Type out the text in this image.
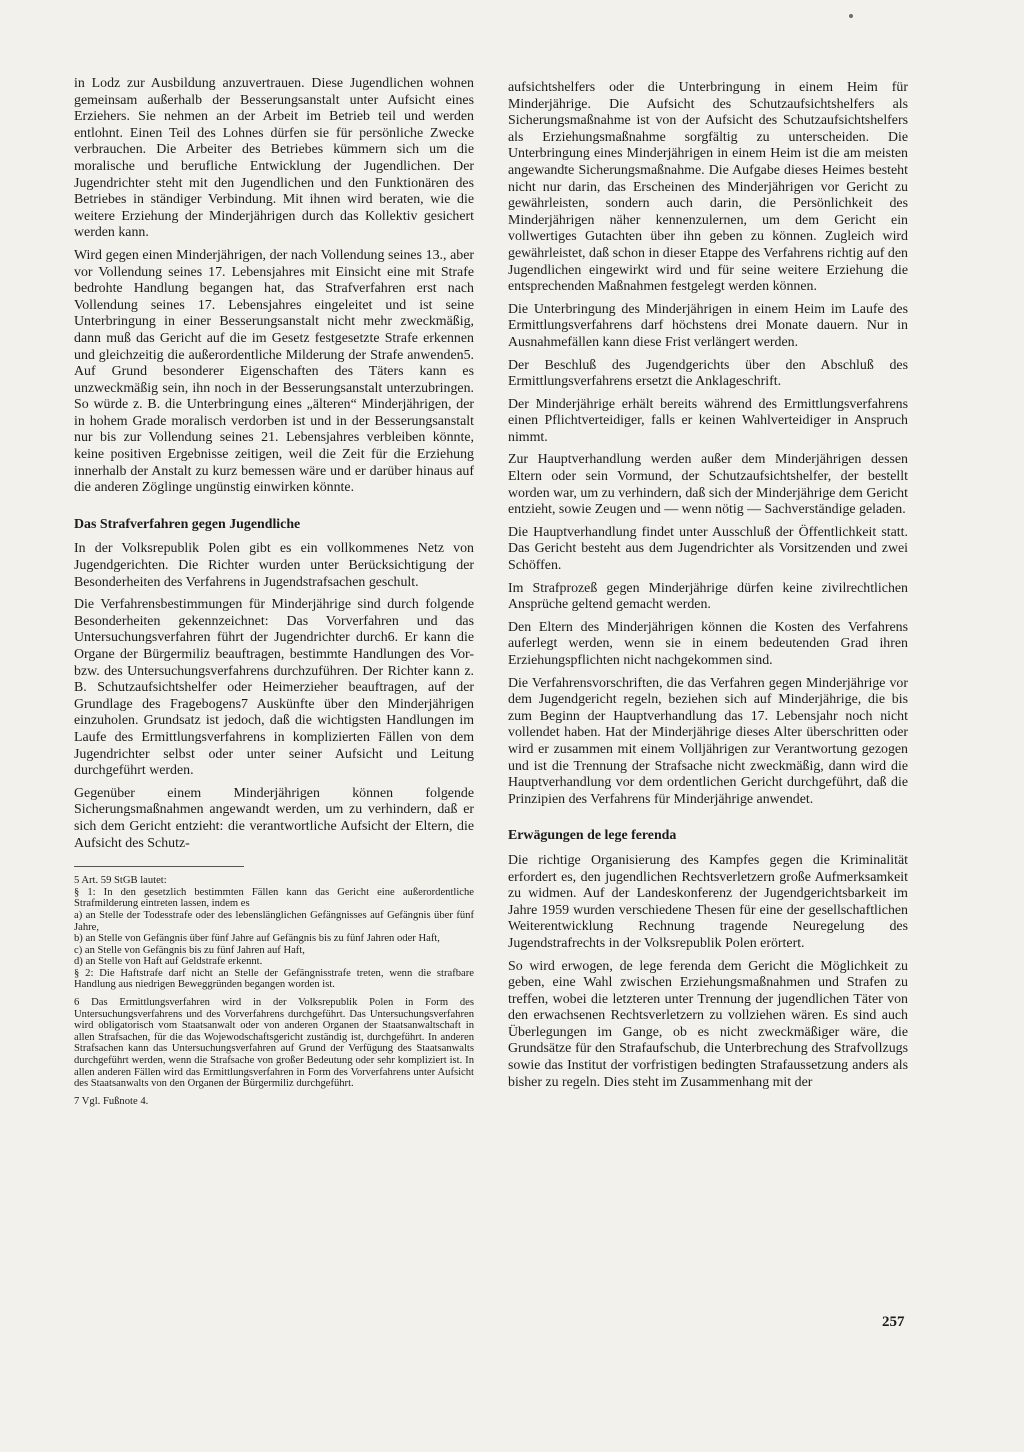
in Lodz zur Ausbildung anzuvertrauen. Diese Jugendlichen wohnen gemeinsam außerhalb der Besserungsanstalt unter Aufsicht eines Erziehers. Sie nehmen an der Arbeit im Betrieb teil und werden entlohnt. Einen Teil des Lohnes dürfen sie für persönliche Zwecke verbrauchen. Die Arbeiter des Betriebes kümmern sich um die moralische und berufliche Entwicklung der Jugendlichen. Der Jugendrichter steht mit den Jugendlichen und den Funktionären des Betriebes in ständiger Verbindung. Mit ihnen wird beraten, wie die weitere Erziehung der Minderjährigen durch das Kollektiv gesichert werden kann.

Wird gegen einen Minderjährigen, der nach Vollendung seines 13., aber vor Vollendung seines 17. Lebensjahres mit Einsicht eine mit Strafe bedrohte Handlung begangen hat, das Strafverfahren erst nach Vollendung seines 17. Lebensjahres eingeleitet und ist seine Unterbringung in einer Besserungsanstalt nicht mehr zweckmäßig, dann muß das Gericht auf die im Gesetz festgesetzte Strafe erkennen und gleichzeitig die außerordentliche Milderung der Strafe anwenden5. Auf Grund besonderer Eigenschaften des Täters kann es unzweckmäßig sein, ihn noch in der Besserungsanstalt unterzubringen. So würde z. B. die Unterbringung eines „älteren“ Minderjährigen, der in hohem Grade moralisch verdorben ist und in der Besserungsanstalt nur bis zur Vollendung seines 21. Lebensjahres verbleiben könnte, keine positiven Ergebnisse zeitigen, weil die Zeit für die Erziehung innerhalb der Anstalt zu kurz bemessen wäre und er darüber hinaus auf die anderen Zöglinge ungünstig einwirken könnte.

Das Strafverfahren gegen Jugendliche

In der Volksrepublik Polen gibt es ein vollkommenes Netz von Jugendgerichten. Die Richter wurden unter Berücksichtigung der Besonderheiten des Verfahrens in Jugendstrafsachen geschult.

Die Verfahrensbestimmungen für Minderjährige sind durch folgende Besonderheiten gekennzeichnet: Das Vorverfahren und das Untersuchungsverfahren führt der Jugendrichter durch6. Er kann die Organe der Bürgermiliz beauftragen, bestimmte Handlungen des Vor- bzw. des Untersuchungsverfahrens durchzuführen. Der Richter kann z. B. Schutzaufsichtshelfer oder Heimerzieher beauftragen, auf der Grundlage des Fragebogens7 Auskünfte über den Minderjährigen einzuholen. Grundsatz ist jedoch, daß die wichtigsten Handlungen im Laufe des Ermittlungsverfahrens in komplizierten Fällen von dem Jugendrichter selbst oder unter seiner Aufsicht und Leitung durchgeführt werden.

Gegenüber einem Minderjährigen können folgende Sicherungsmaßnahmen angewandt werden, um zu verhindern, daß er sich dem Gericht entzieht: die verantwortliche Aufsicht der Eltern, die Aufsicht des Schutz-

5 Art. 59 StGB lautet:
§ 1: In den gesetzlich bestimmten Fällen kann das Gericht eine außerordentliche Strafmilderung eintreten lassen, indem es
a) an Stelle der Todesstrafe oder des lebenslänglichen Gefängnisses auf Gefängnis über fünf Jahre,
b) an Stelle von Gefängnis über fünf Jahre auf Gefängnis bis zu fünf Jahren oder Haft,
c) an Stelle von Gefängnis bis zu fünf Jahren auf Haft,
d) an Stelle von Haft auf Geldstrafe erkennt.
§ 2: Die Haftstrafe darf nicht an Stelle der Gefängnisstrafe treten, wenn die strafbare Handlung aus niedrigen Beweggründen begangen worden ist.
6 Das Ermittlungsverfahren wird in der Volksrepublik Polen in Form des Untersuchungsverfahrens und des Vorverfahrens durchgeführt. Das Untersuchungsverfahren wird obligatorisch vom Staatsanwalt oder von anderen Organen der Staatsanwaltschaft in allen Strafsachen, für die das Wojewodschaftsgericht zuständig ist, durchgeführt. In anderen Strafsachen kann das Untersuchungsverfahren auf Grund der Verfügung des Staatsanwalts durchgeführt werden, wenn die Strafsache von großer Bedeutung oder sehr kompliziert ist. In allen anderen Fällen wird das Ermittlungsverfahren in Form des Vorverfahrens unter Aufsicht des Staatsanwalts von den Organen der Bürgermiliz durchgeführt.
7 Vgl. Fußnote 4.

aufsichtshelfers oder die Unterbringung in einem Heim für Minderjährige. Die Aufsicht des Schutzaufsichtshelfers als Sicherungsmaßnahme ist von der Aufsicht des Schutzaufsichtshelfers als Erziehungsmaßnahme sorgfältig zu unterscheiden. Die Unterbringung eines Minderjährigen in einem Heim ist die am meisten angewandte Sicherungsmaßnahme. Die Aufgabe dieses Heimes besteht nicht nur darin, das Erscheinen des Minderjährigen vor Gericht zu gewährleisten, sondern auch darin, die Persönlichkeit des Minderjährigen näher kennenzulernen, um dem Gericht ein vollwertiges Gutachten über ihn geben zu können. Zugleich wird gewährleistet, daß schon in dieser Etappe des Verfahrens richtig auf den Jugendlichen eingewirkt wird und für seine weitere Erziehung die entsprechenden Maßnahmen festgelegt werden können.

Die Unterbringung des Minderjährigen in einem Heim im Laufe des Ermittlungsverfahrens darf höchstens drei Monate dauern. Nur in Ausnahmefällen kann diese Frist verlängert werden.

Der Beschluß des Jugendgerichts über den Abschluß des Ermittlungsverfahrens ersetzt die Anklageschrift.

Der Minderjährige erhält bereits während des Ermittlungsverfahrens einen Pflichtverteidiger, falls er keinen Wahlverteidiger in Anspruch nimmt.

Zur Hauptverhandlung werden außer dem Minderjährigen dessen Eltern oder sein Vormund, der Schutzaufsichtshelfer, der bestellt worden war, um zu verhindern, daß sich der Minderjährige dem Gericht entzieht, sowie Zeugen und — wenn nötig — Sachverständige geladen.

Die Hauptverhandlung findet unter Ausschluß der Öffentlichkeit statt. Das Gericht besteht aus dem Jugendrichter als Vorsitzenden und zwei Schöffen.

Im Strafprozeß gegen Minderjährige dürfen keine zivilrechtlichen Ansprüche geltend gemacht werden.

Den Eltern des Minderjährigen können die Kosten des Verfahrens auferlegt werden, wenn sie in einem bedeutenden Grad ihren Erziehungspflichten nicht nachgekommen sind.

Die Verfahrensvorschriften, die das Verfahren gegen Minderjährige vor dem Jugendgericht regeln, beziehen sich auf Minderjährige, die bis zum Beginn der Hauptverhandlung das 17. Lebensjahr noch nicht vollendet haben. Hat der Minderjährige dieses Alter überschritten oder wird er zusammen mit einem Volljährigen zur Verantwortung gezogen und ist die Trennung der Strafsache nicht zweckmäßig, dann wird die Hauptverhandlung vor dem ordentlichen Gericht durchgeführt, daß die Prinzipien des Verfahrens für Minderjährige anwendet.

Erwägungen de lege ferenda

Die richtige Organisierung des Kampfes gegen die Kriminalität erfordert es, den jugendlichen Rechtsverletzern große Aufmerksamkeit zu widmen. Auf der Landeskonferenz der Jugendgerichtsbarkeit im Jahre 1959 wurden verschiedene Thesen für eine der gesellschaftlichen Weiterentwicklung Rechnung tragende Neuregelung des Jugendstrafrechts in der Volksrepublik Polen erörtert.

So wird erwogen, de lege ferenda dem Gericht die Möglichkeit zu geben, eine Wahl zwischen Erziehungsmaßnahmen und Strafen zu treffen, wobei die letzteren unter Trennung der jugendlichen Täter von den erwachsenen Rechtsverletzern zu vollziehen wären. Es sind auch Überlegungen im Gange, ob es nicht zweckmäßiger wäre, die Grundsätze für den Strafaufschub, die Unterbrechung des Strafvollzugs sowie das Institut der vorfristigen bedingten Strafaussetzung anders als bisher zu regeln. Dies steht im Zusammenhang mit der

257
